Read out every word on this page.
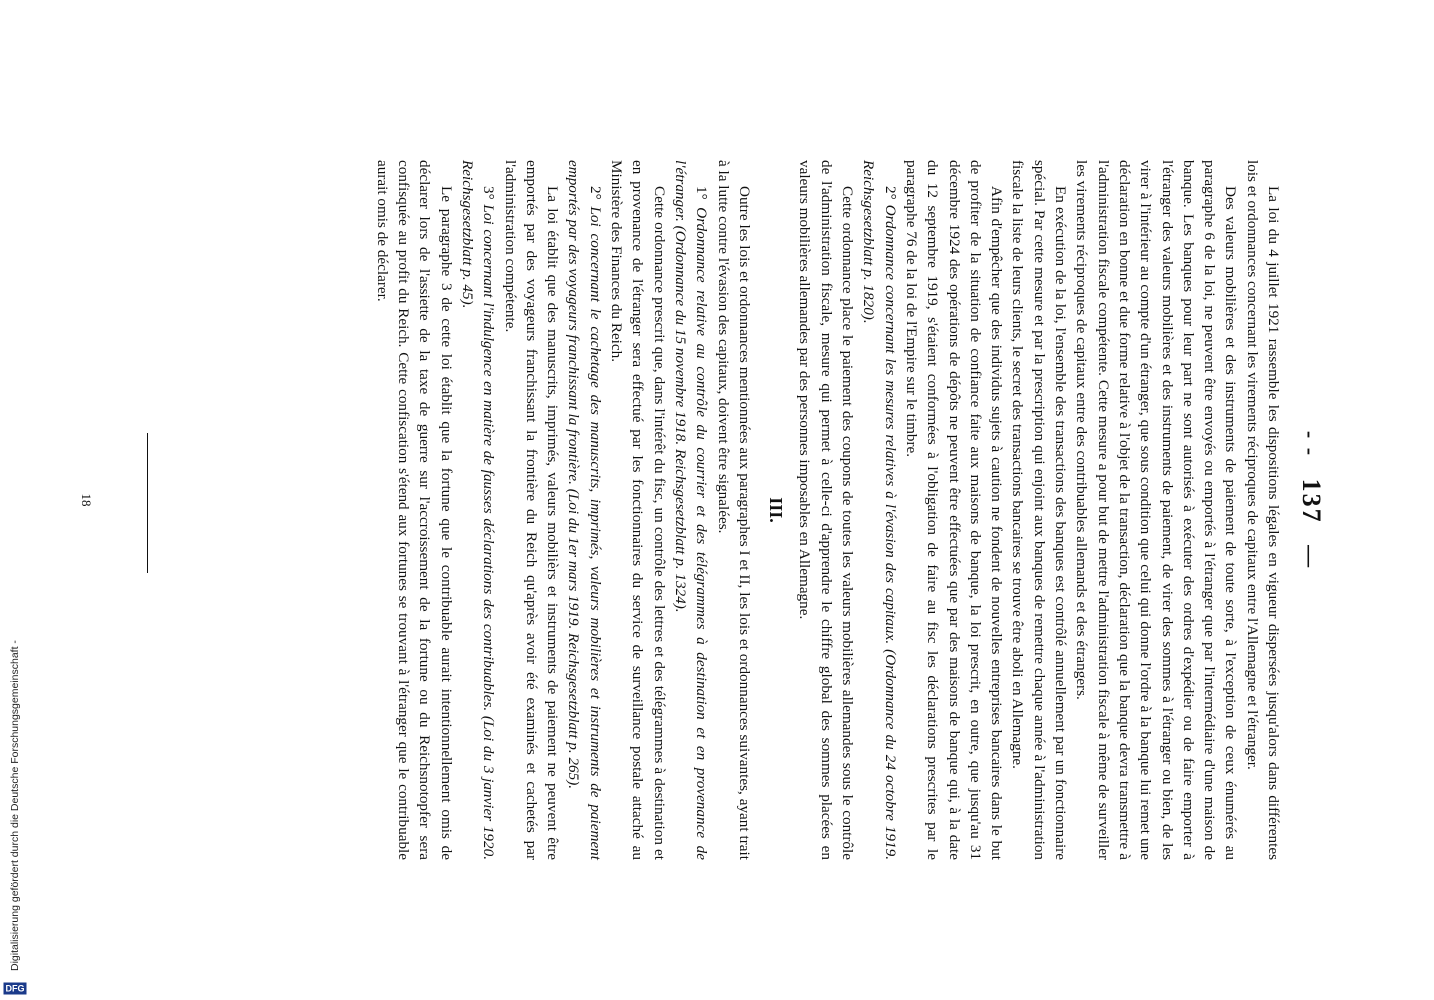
- - 137 —

La loi du 4 juillet 1921 rassemble les dispositions légales en vigueur dispersées jusqu'alors dans différentes lois et ordonnances concernant les virements réciproques de capitaux entre l'Allemagne et l'étranger.

Des valeurs mobilières et des instruments de paiement de toute sorte, à l'exception de ceux énumérés au paragraphe 6 de la loi, ne peuvent être envoyés ou emportés à l'étranger que par l'intermédiaire d'une maison de banque. Les banques pour leur part ne sont autorisés à exécuter des ordres d'expédier ou de faire emporter à l'étranger des valeurs mobilières et des instruments de paiement, de virer des sommes à l'étranger ou bien, de les virer à l'intérieur au compte d'un étranger, que sous condition que celui qui donne l'ordre à la banque lui remet une déclaration en bonne et due forme relative à l'objet de la transaction, déclaration que la banque devra transmettre à l'administration fiscale compétente. Cette mesure a pour but de mettre l'administration fiscale à même de surveiller les virements réciproques de capitaux entre des contribuables allemands et des étrangers.

En exécution de la loi, l'ensemble des transactions des banques est contrôlé annuellement par un fonctionnaire spécial. Par cette mesure et par la prescription qui enjoint aux banques de remettre chaque année à l'administration fiscale la liste de leurs clients, le secret des transactions bancaires se trouve être aboli en Allemagne.

Afin d'empêcher que des individus sujets à caution ne fondent de nouvelles entreprises bancaires dans le but de profiter de la situation de confiance faite aux maisons de banque, la loi prescrit, en outre, que jusqu'au 31 décembre 1924 des opérations de dépôts ne peuvent être effectuées que par des maisons de banque qui, à la date du 12 septembre 1919, s'étaient conformées à l'obligation de faire au fisc les déclarations prescrites par le paragraphe 76 de la loi de l'Empire sur le timbre.

2° Ordonnance concernant les mesures relatives à l'évasion des capitaux. (Ordonnance du 24 octobre 1919. Reichsgesetzblatt p. 1820).

Cette ordonnance place le paiement des coupons de toutes les valeurs mobilières allemandes sous le contrôle de l'administration fiscale, mesure qui permet à celle-ci d'apprendre le chiffre global des sommes placées en valeurs mobilières allemandes par des personnes imposables en Allemagne.

III.

Outre les lois et ordonnances mentionnées aux paragraphes I et II, les lois et ordonnances suivantes, ayant trait à la lutte contre l'évasion des capitaux, doivent être signalées.

1° Ordonnance relative au contrôle du courrier et des télégrammes à destination et en provenance de l'étranger. (Ordonnance du 15 novembre 1918. Reichsgesetzblatt p. 1324).

Cette ordonnance prescrit que, dans l'intérêt du fisc, un contrôle des lettres et des télégrammes à destination et en provenance de l'étranger sera effectué par les fonctionnaires du service de surveillance postale attaché au Ministère des Finances du Reich.

2° Loi concernant le cachetage des manuscrits, imprimés, valeurs mobilières et instruments de paiement emportés par des voyageurs franchissant la frontière. (Loi du 1er mars 1919. Reichsgesetzblatt p. 265).

La loi établit que des manuscrits, imprimés, valeurs mobilièrs et instruments de paiement ne peuvent être emportés par des voyageurs franchissant la frontière du Reich qu'après avoir été examinés et cachetés par l'administration compétente.

3° Loi concernant l'indulgence en matière de fausses déclarations des contribuables. (Loi du 3 janvier 1920. Reichsgesetzblatt p. 45).

Le paragraphe 3 de cette loi établit que la fortune que le contribuable aurait intentionnellement omis de déclarer lors de l'assiette de la taxe de guerre sur l'accroissement de la fortune ou du Reichsnotopfer sera confisquée au profit du Reich. Cette confiscation s'étend aux fortunes se trouvant à l'étranger que le contribuable aurait omis de déclarer.

18
DFG
Digitalisierung gefördert durch die Deutsche Forschungsgemeinschaft -
